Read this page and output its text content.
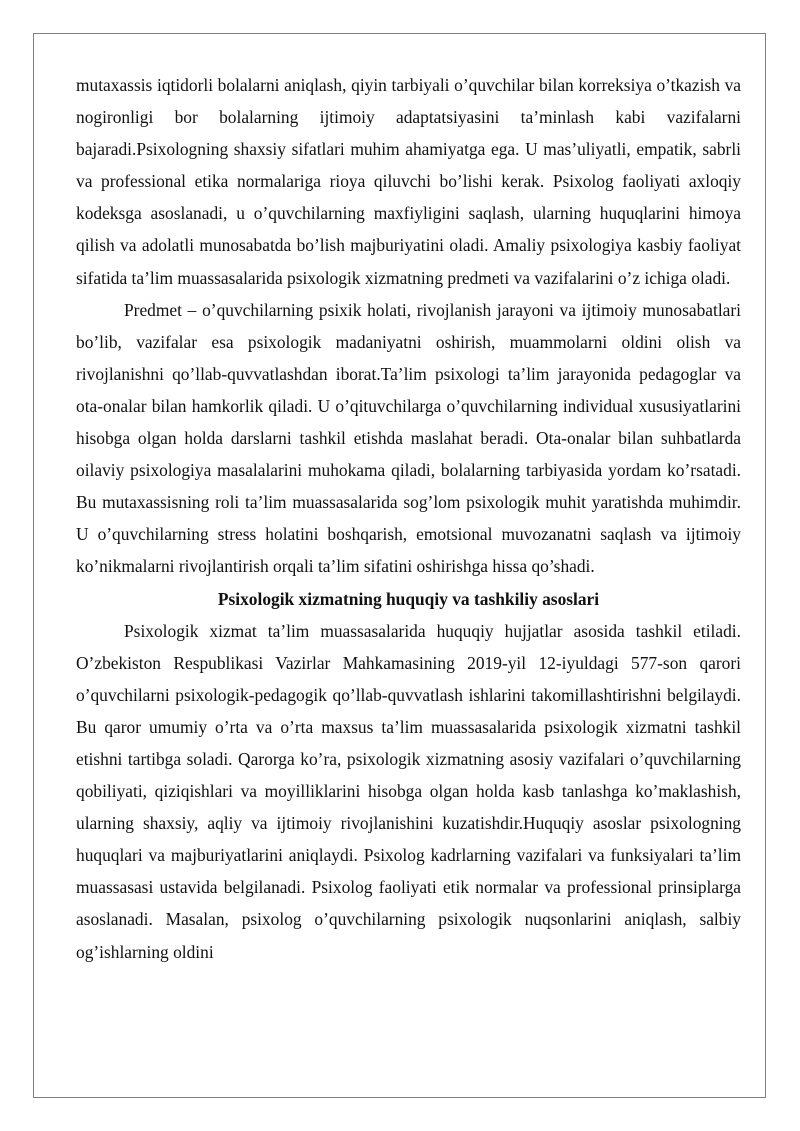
mutaxassis iqtidorli bolalarni aniqlash, qiyin tarbiyali o’quvchilar bilan korreksiya o’tkazish va nogironligi bor bolalarning ijtimoiy adaptatsiyasini ta’minlash kabi vazifalarni bajaradi.Psixologning shaxsiy sifatlari muhim ahamiyatga ega. U mas’uliyatli, empatik, sabrli va professional etika normalariga rioya qiluvchi bo’lishi kerak. Psixolog faoliyati axloqiy kodeksga asoslanadi, u o’quvchilarning maxfiyligini saqlash, ularning huquqlarini himoya qilish va adolatli munosabatda bo’lish majburiyatini oladi. Amaliy psixologiya kasbiy faoliyat sifatida ta’lim muassasalarida psixologik xizmatning predmeti va vazifalarini o’z ichiga oladi.

Predmet – o’quvchilarning psixik holati, rivojlanish jarayoni va ijtimoiy munosabatlari bo’lib, vazifalar esa psixologik madaniyatni oshirish, muammolarni oldini olish va rivojlanishni qo’llab-quvvatlashdan iborat.Ta’lim psixologi ta’lim jarayonida pedagoglar va ota-onalar bilan hamkorlik qiladi. U o’qituvchilarga o’quvchilarning individual xususiyatlarini hisobga olgan holda darslarni tashkil etishda maslahat beradi. Ota-onalar bilan suhbatlarda oilaviy psixologiya masalalarini muhokama qiladi, bolalarning tarbiyasida yordam ko’rsatadi. Bu mutaxassisning roli ta’lim muassasalarida sog’lom psixologik muhit yaratishda muhimdir. U o’quvchilarning stress holatini boshqarish, emotsional muvozanatni saqlash va ijtimoiy ko’nikmalarni rivojlantirish orqali ta’lim sifatini oshirishga hissa qo’shadi.

Psixologik xizmatning huquqiy va tashkiliy asoslari

Psixologik xizmat ta’lim muassasalarida huquqiy hujjatlar asosida tashkil etiladi. O’zbekiston Respublikasi Vazirlar Mahkamasining 2019-yil 12-iyuldagi 577-son qarori o’quvchilarni psixologik-pedagogik qo’llab-quvvatlash ishlarini takomillashtirishni belgilaydi. Bu qaror umumiy o’rta va o’rta maxsus ta’lim muassasalarida psixologik xizmatni tashkil etishni tartibga soladi. Qarorga ko’ra, psixologik xizmatning asosiy vazifalari o’quvchilarning qobiliyati, qiziqishlari va moyilliklarini hisobga olgan holda kasb tanlashga ko’maklashish, ularning shaxsiy, aqliy va ijtimoiy rivojlanishini kuzatishdir.Huquqiy asoslar psixologning huquqlari va majburiyatlarini aniqlaydi. Psixolog kadrlarning vazifalari va funksiyalari ta’lim muassasasi ustavida belgilanadi. Psixolog faoliyati etik normalar va professional prinsiplarga asoslanadi. Masalan, psixolog o’quvchilarning psixologik nuqsonlarini aniqlash, salbiy og’ishlarning oldini
